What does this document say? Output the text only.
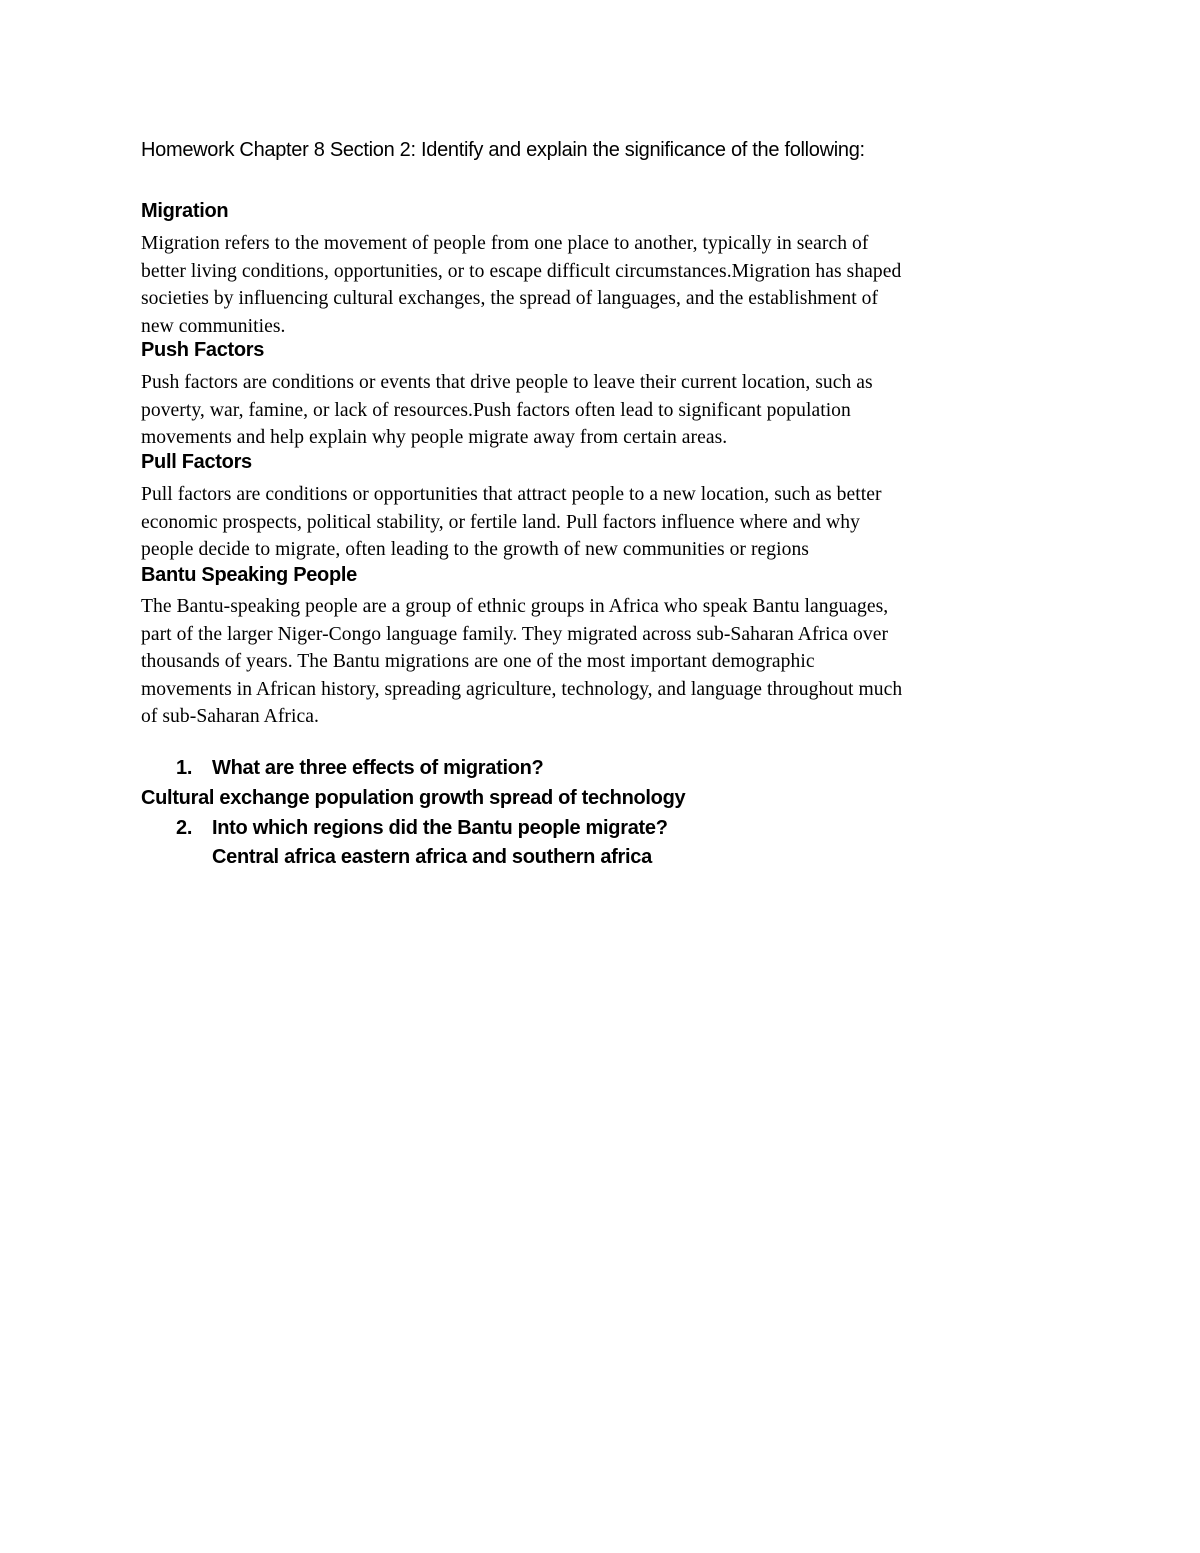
Homework Chapter 8 Section 2: Identify and explain the significance of the following:
Migration
Migration refers to the movement of people from one place to another, typically in search of
better living conditions, opportunities, or to escape difficult circumstances.Migration has shaped
societies by influencing cultural exchanges, the spread of languages, and the establishment of
new communities.
Push Factors
Push factors are conditions or events that drive people to leave their current location, such as
poverty, war, famine, or lack of resources.Push factors often lead to significant population
movements and help explain why people migrate away from certain areas.
Pull Factors
Pull factors are conditions or opportunities that attract people to a new location, such as better
economic prospects, political stability, or fertile land. Pull factors influence where and why
people decide to migrate, often leading to the growth of new communities or regions
Bantu Speaking People
The Bantu-speaking people are a group of ethnic groups in Africa who speak Bantu languages,
part of the larger Niger-Congo language family. They migrated across sub-Saharan Africa over
thousands of years. The Bantu migrations are one of the most important demographic
movements in African history, spreading agriculture, technology, and language throughout much
of sub-Saharan Africa.
1. What are three effects of migration?
Cultural exchange population growth spread of technology
2. Into which regions did the Bantu people migrate?
Central africa eastern africa and southern africa
